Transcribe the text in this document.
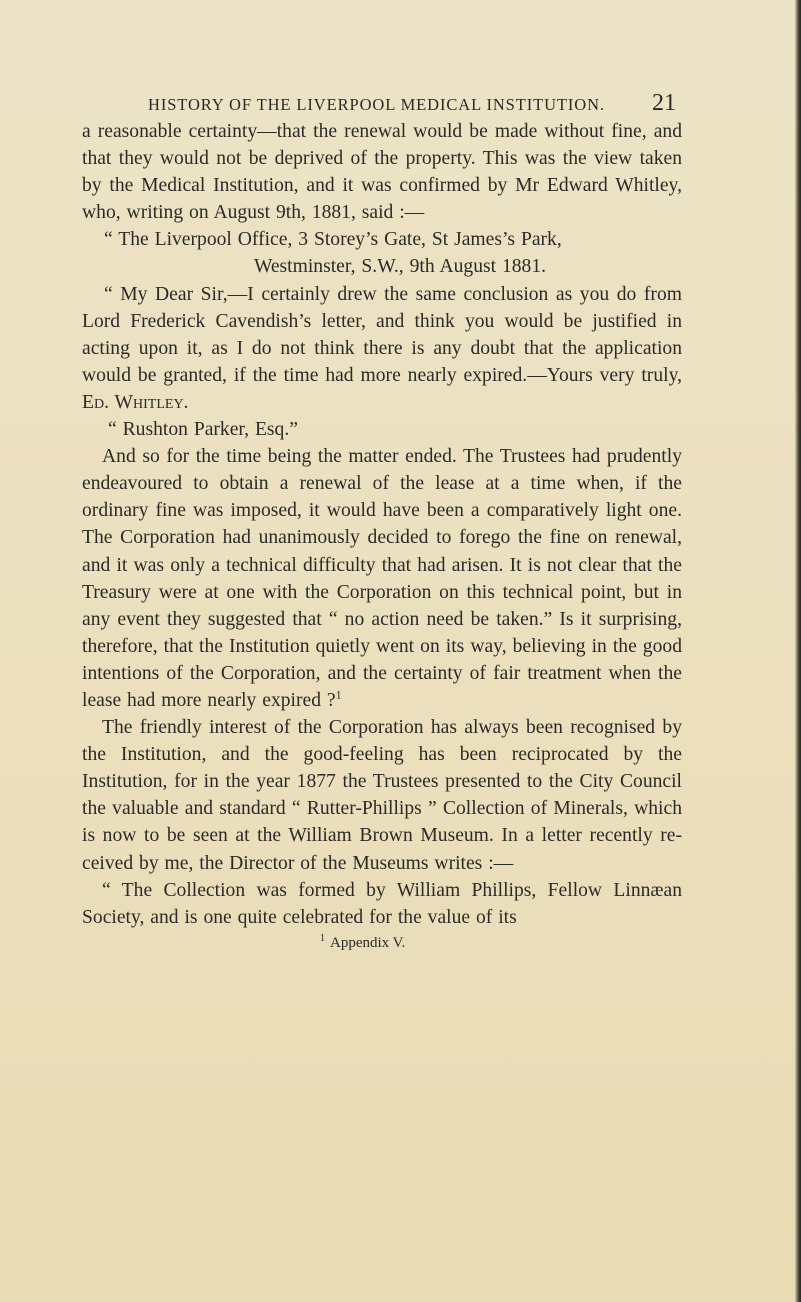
HISTORY OF THE LIVERPOOL MEDICAL INSTITUTION. 21

a reasonable certainty—that the renewal would be made without fine, and that they would not be deprived of the property. This was the view taken by the Medical Institution, and it was confirmed by Mr Edward Whitley, who, writing on August 9th, 1881, said :—

“ The Liverpool Office, 3 Storey’s Gate, St James’s Park,

Westminster, S.W., 9th August 1881.

“ My Dear Sir,—I certainly drew the same conclusion as you do from Lord Frederick Cavendish’s letter, and think you would be justified in acting upon it, as I do not think there is any doubt that the application would be granted, if the time had more nearly expired.—Yours very truly, Ed. Whitley.

“ Rushton Parker, Esq.”

And so for the time being the matter ended. The Trustees had prudently endeavoured to obtain a renewal of the lease at a time when, if the ordinary fine was imposed, it would have been a comparatively light one. The Corporation had unanimously decided to forego the fine on renewal, and it was only a technical difficulty that had arisen. It is not clear that the Treasury were at one with the Corporation on this technical point, but in any event they suggested that “ no action need be taken.” Is it surprising, therefore, that the Institution quietly went on its way, believing in the good intentions of the Corporation, and the certainty of fair treatment when the lease had more nearly expired ?$^1$

The friendly interest of the Corporation has always been recognised by the Institution, and the good-feeling has been reciprocated by the Institution, for in the year 1877 the Trustees presented to the City Council the valuable and standard “ Rutter-Phillips ” Collection of Minerals, which is now to be seen at the William Brown Museum. In a letter recently received by me, the Director of the Museums writes :—

“ The Collection was formed by William Phillips, Fellow Linnæan Society, and is one quite celebrated for the value of its

$^1$ Appendix V.
